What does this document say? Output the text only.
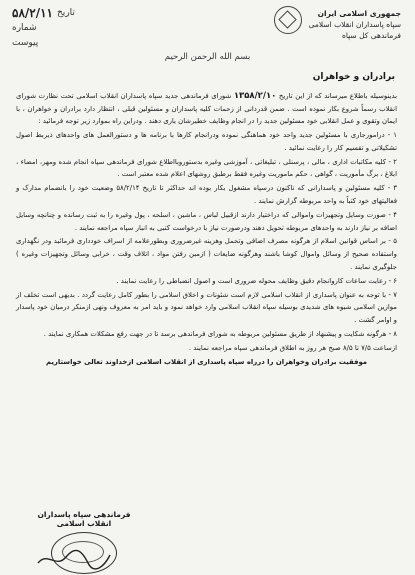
تاریخ
۵۸/۲/۱۱
شماره
پیوست
جمهوری اسلامی ایران
سپاه پاسداران انقلاب اسلامی
فرماندهی کل سپاه
بسم الله الرحمن الرحیم
برادران و خواهران

بدینوسیله باطلاع میرساند که از این تاریخ ۱۳۵۸/۲/۱۰ شورای فرماندهی جدید سپاه پاسداران انقلاب اسلامی تحت نظارت شورای انقلاب رسماً شروع بکار نموده است . ضمن قدردانی از زحمات کلیه پاسداران و مسئولین قبلی ، انتظار دارد برادران و خواهران ، با ایمان وتقوی و عمل انقلابی خود مسئولین جدید را در انجام وظایف خطیرشان یاری دهند . ودراین راه بموارد زیر توجه فرمائید :

۱ - درامورجاری با مسئولین جدید واحد خود هماهنگی نموده ودرانجام کارها با برنامه ها و دستورالعمل های واحدهای ذیربط اصول تشکیلاتی و تقسیم کار را رعایت نمائید .

۲ - کلیه مکاتبات اداری ، مالی ، پرسنلی ، تبلیغاتی ، آموزشی وغیره بدستوروبااطلاع شورای فرماندهی سپاه انجام شده ومهر، امضاء ، ابلاغ ، برگ مأموریت ، گواهی ، حکم ماموریت وغیره فقط برطبق روشهای اعلام شده معتبر است .

۳ - کلیه مسئولین و پاسدارانی که تاکنون درسپاه مشغول بکار بوده اند حداکثر تا تاریخ ۵۸/۲/۱۴ وضعیت خود را بانضمام مدارک و فعالیتهای خود کتباً به واحد مربوطه گزارش نمایند .

۴ - صورت وسایل وتجهیزات واموالی که دراختیار دارند ازقبیل لباس ، ماشین ، اسلحه ، پول وغیره را به ثبت رسانده و چنانچه وسایل اضافه بر نیاز دارند به واحدهای مربوطه تحویل دهند ودرصورت نیاز با درخواست کتبی به انبار سپاه مراجعه نمایند .

۵ - بر اساس قوانین اسلام از هرگونه مصرف اضافی وتحمل وهزینه غیرضروری وبطورعلامه از اسراف خودداری فرمائید ودر نگهداری واستفاده صحیح از وسائل واموال کوشا باشند وهرگونه ضایعات ( ازمبن رفتن مواد ، اتلاف وقت ، خرابی وسائل وتجهیزات وغیره ) جلوگیری نمایند .

۶ - رعایت ساعات کاروانجام دقیق وظایف محوله ضروری است و اصول انضباطی را رعایت نمایند .

۷ - با توجه به عنوان پاسداری از انقلاب اسلامی لازم است شئونات و اخلاق اسلامی را بطور کامل رعایت گردد . بدیهی است تخلف از موازین اسلامی شیوه های شدیدی بوسیله سپاه انقلاب اسلامی وارد خواهد نمود و باید امر به معروف ونهی ازمنکر درمیان خود پاسدار و اوامر گشت .

۸ - هرگونه شکایت و پیشنهاد از طریق مسئولین مربوطه به شورای فرماندهی برسد تا در جهت رفع مشکلات همکاری نمایند .

ازساعت ۷/۵ تا ۸/۵ صبح هر روز به اطلاق فرماندهی سپاه مراجعه نمایند .

موفقیت برادران وخواهران را درراه سپاه پاسداری از انقلاب اسلامی ازخداوند تعالی خواستاریم

فرماندهی سپاه پاسداران انقلاب اسلامی
